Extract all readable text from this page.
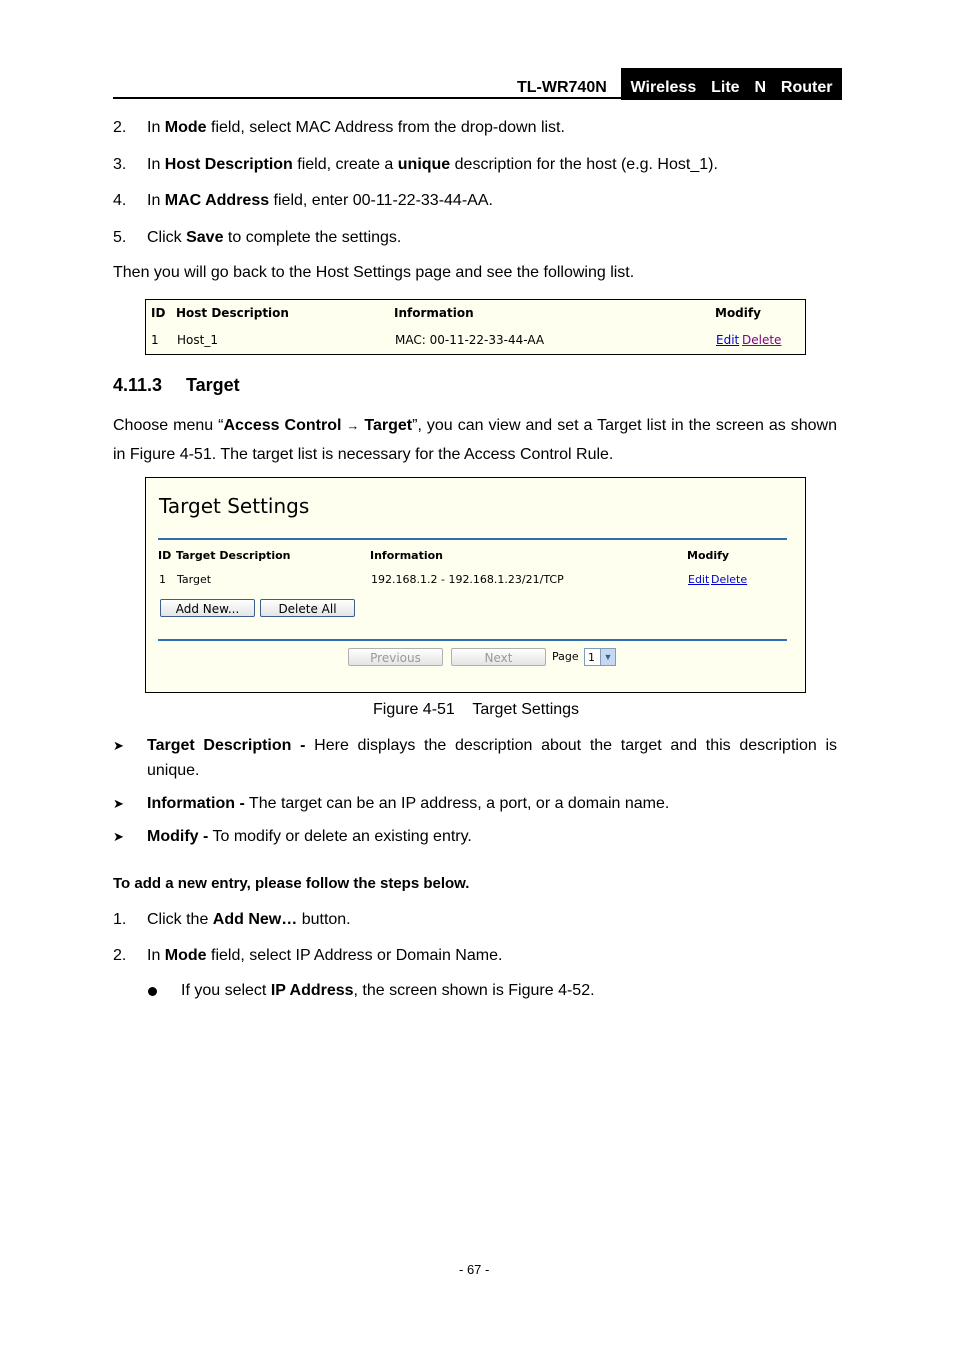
TL-WR740N	Wireless  Lite  N  Router
2. In Mode field, select MAC Address from the drop-down list.
3. In Host Description field, create a unique description for the host (e.g. Host_1).
4. In MAC Address field, enter 00-11-22-33-44-AA.
5. Click Save to complete the settings.
Then you will go back to the Host Settings page and see the following list.
ID Host Description	Information	Modify
1 Host_1	MAC: 00-11-22-33-44-AA	Edit Delete
4.11.3 Target
Choose menu “Access Control → Target”, you can view and set a Target list in the screen as shown in Figure 4-51. The target list is necessary for the Access Control Rule.
Target Settings
ID Target Description	Information	Modify
1 Target	192.168.1.2 - 192.168.1.23/21/TCP	Edit Delete
Add New...	Delete All
Previous	Next	Page 1 ▼
Figure 4-51    Target Settings
➤ Target Description - Here displays the description about the target and this description is unique.
➤ Information - The target can be an IP address, a port, or a domain name.
➤ Modify - To modify or delete an existing entry.
To add a new entry, please follow the steps below.
1. Click the Add New… button.
2. In Mode field, select IP Address or Domain Name.
If you select IP Address, the screen shown is Figure 4-52.
- 67 -
